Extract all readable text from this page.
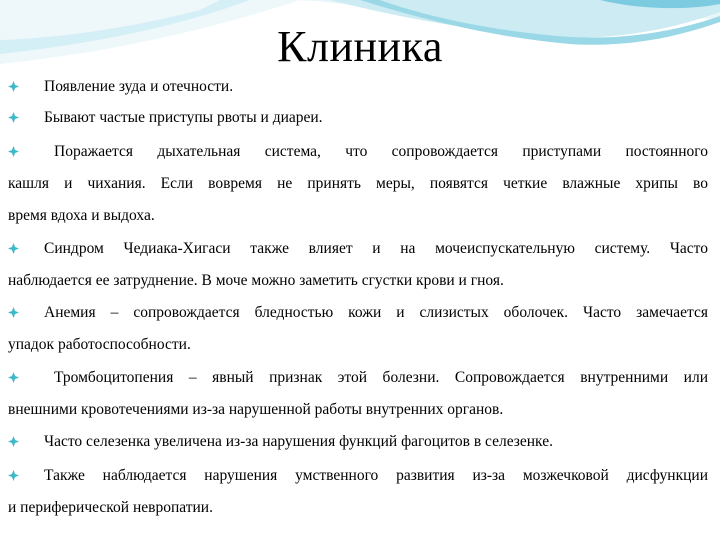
Клиника
Появление зуда и отечности.
Бывают частые приступы рвоты и диареи.
Поражается дыхательная система, что сопровождается приступами постоянного
кашля и чихания. Если вовремя не принять меры, появятся четкие влажные хрипы во
время вдоха и выдоха.
Синдром Чедиака-Хигаси также влияет и на мочеиспускательную систему. Часто
наблюдается ее затруднение. В моче можно заметить сгустки крови и гноя.
Анемия – сопровождается бледностью кожи и слизистых оболочек. Часто замечается
упадок работоспособности.
Тромбоцитопения – явный признак этой болезни. Сопровождается внутренними или
внешними кровотечениями из-за нарушенной работы внутренних органов.
Часто селезенка увеличена из-за нарушения функций фагоцитов в селезенке.
Также наблюдается нарушения умственного развития из-за мозжечковой дисфункции
и периферической невропатии.
